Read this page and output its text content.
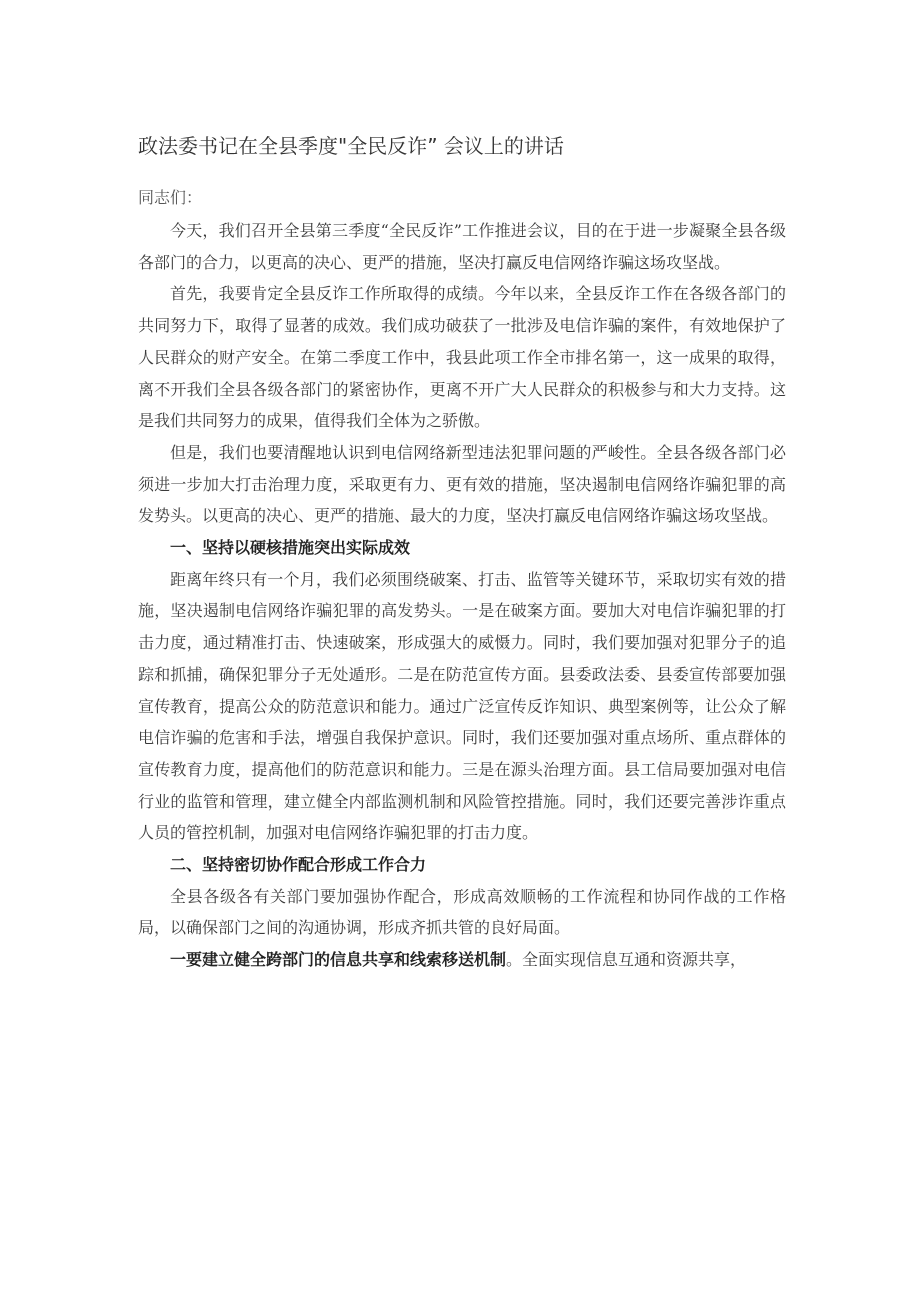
政法委书记在全县季度"全民反诈” 会议上的讲话
同志们：

今天，我们召开全县第三季度“全民反诈”工作推进会议，目的在于进一步凝聚全县各级各部门的合力，以更高的决心、更严的措施，坚决打赢反电信网络诈骗这场攻坚战。

首先，我要肯定全县反诈工作所取得的成绩。今年以来，全县反诈工作在各级各部门的共同努力下，取得了显著的成效。我们成功破获了一批涉及电信诈骗的案件，有效地保护了人民群众的财产安全。在第二季度工作中，我县此项工作全市排名第一，这一成果的取得，离不开我们全县各级各部门的紧密协作，更离不开广大人民群众的积极参与和大力支持。这是我们共同努力的成果，值得我们全体为之骄傲。

但是，我们也要清醒地认识到电信网络新型违法犯罪问题的严峻性。全县各级各部门必须进一步加大打击治理力度，采取更有力、更有效的措施，坚决遏制电信网络诈骗犯罪的高发势头。以更高的决心、更严的措施、最大的力度，坚决打赢反电信网络诈骗这场攻坚战。

一、坚持以硬核措施突出实际成效

距离年终只有一个月，我们必须围绕破案、打击、监管等关键环节，采取切实有效的措施，坚决遏制电信网络诈骗犯罪的高发势头。一是在破案方面。要加大对电信诈骗犯罪的打击力度，通过精准打击、快速破案，形成强大的威慑力。同时，我们要加强对犯罪分子的追踪和抓捕，确保犯罪分子无处遁形。二是在防范宣传方面。县委政法委、县委宣传部要加强宣传教育，提高公众的防范意识和能力。通过广泛宣传反诈知识、典型案例等，让公众了解电信诈骗的危害和手法，增强自我保护意识。同时，我们还要加强对重点场所、重点群体的宣传教育力度，提高他们的防范意识和能力。三是在源头治理方面。县工信局要加强对电信行业的监管和管理，建立健全内部监测机制和风险管控措施。同时，我们还要完善涉诈重点人员的管控机制，加强对电信网络诈骗犯罪的打击力度。

二、坚持密切协作配合形成工作合力

全县各级各有关部门要加强协作配合，形成高效顺畅的工作流程和协同作战的工作格局，以确保部门之间的沟通协调，形成齐抓共管的良好局面。

一要建立健全跨部门的信息共享和线索移送机制。全面实现信息互通和资源共享，
